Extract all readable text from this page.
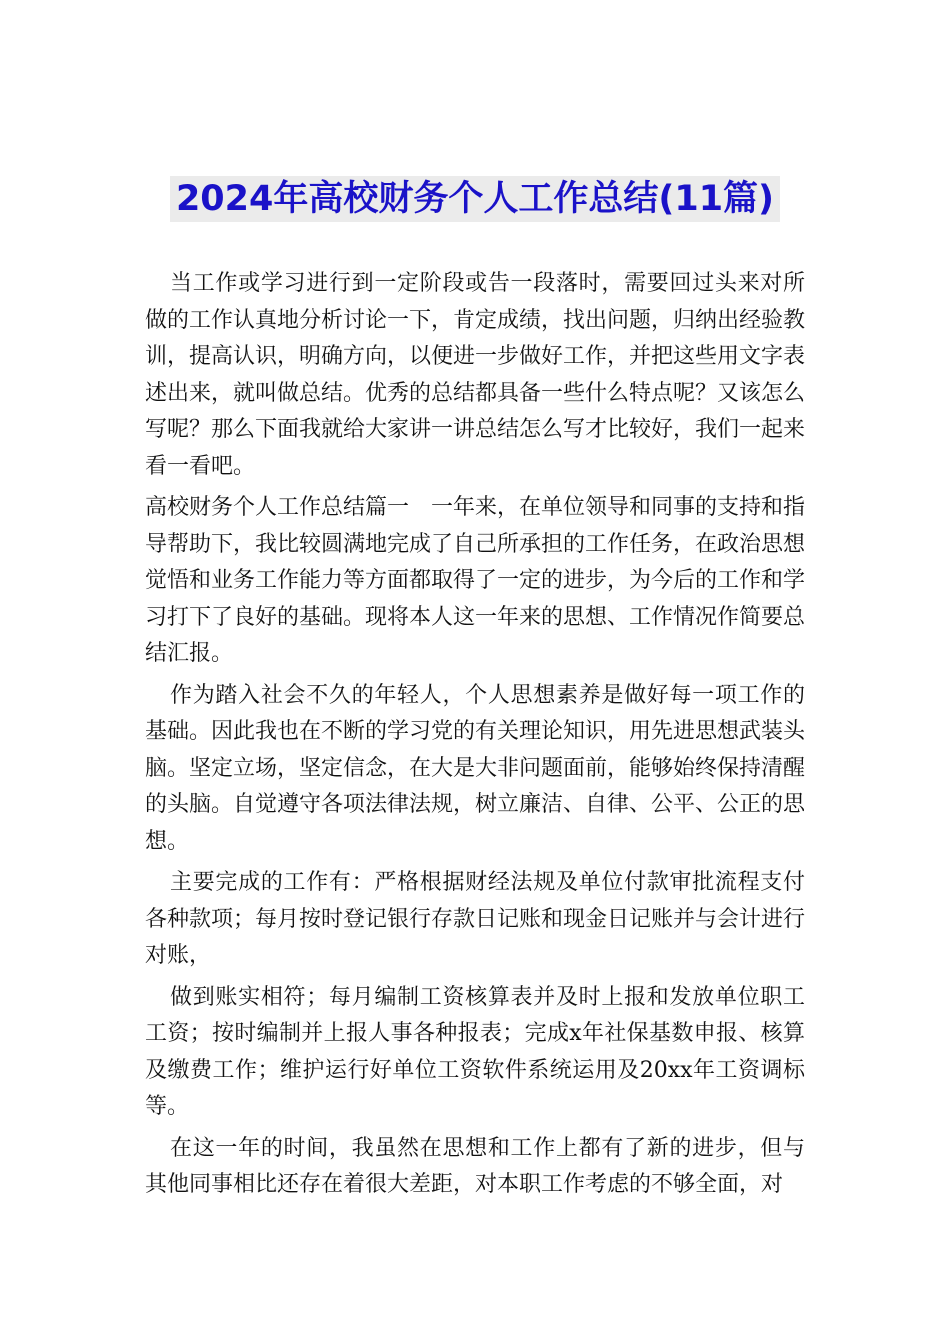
2024年高校财务个人工作总结(11篇)

当工作或学习进行到一定阶段或告一段落时，需要回过头来对所做的工作认真地分析讨论一下，肯定成绩，找出问题，归纳出经验教训，提高认识，明确方向，以便进一步做好工作，并把这些用文字表述出来，就叫做总结。优秀的总结都具备一些什么特点呢？又该怎么写呢？那么下面我就给大家讲一讲总结怎么写才比较好，我们一起来看一看吧。

高校财务个人工作总结篇一　一年来，在单位领导和同事的支持和指导帮助下，我比较圆满地完成了自己所承担的工作任务，在政治思想觉悟和业务工作能力等方面都取得了一定的进步，为今后的工作和学习打下了良好的基础。现将本人这一年来的思想、工作情况作简要总结汇报。

作为踏入社会不久的年轻人，个人思想素养是做好每一项工作的基础。因此我也在不断的学习党的有关理论知识，用先进思想武装头脑。坚定立场，坚定信念，在大是大非问题面前，能够始终保持清醒的头脑。自觉遵守各项法律法规，树立廉洁、自律、公平、公正的思想。

主要完成的工作有：严格根据财经法规及单位付款审批流程支付各种款项；每月按时登记银行存款日记账和现金日记账并与会计进行对账，

做到账实相符；每月编制工资核算表并及时上报和发放单位职工工资；按时编制并上报人事各种报表；完成x年社保基数申报、核算及缴费工作；维护运行好单位工资软件系统运用及20xx年工资调标等。

在这一年的时间，我虽然在思想和工作上都有了新的进步，但与其他同事相比还存在着很大差距，对本职工作考虑的不够全面，对
